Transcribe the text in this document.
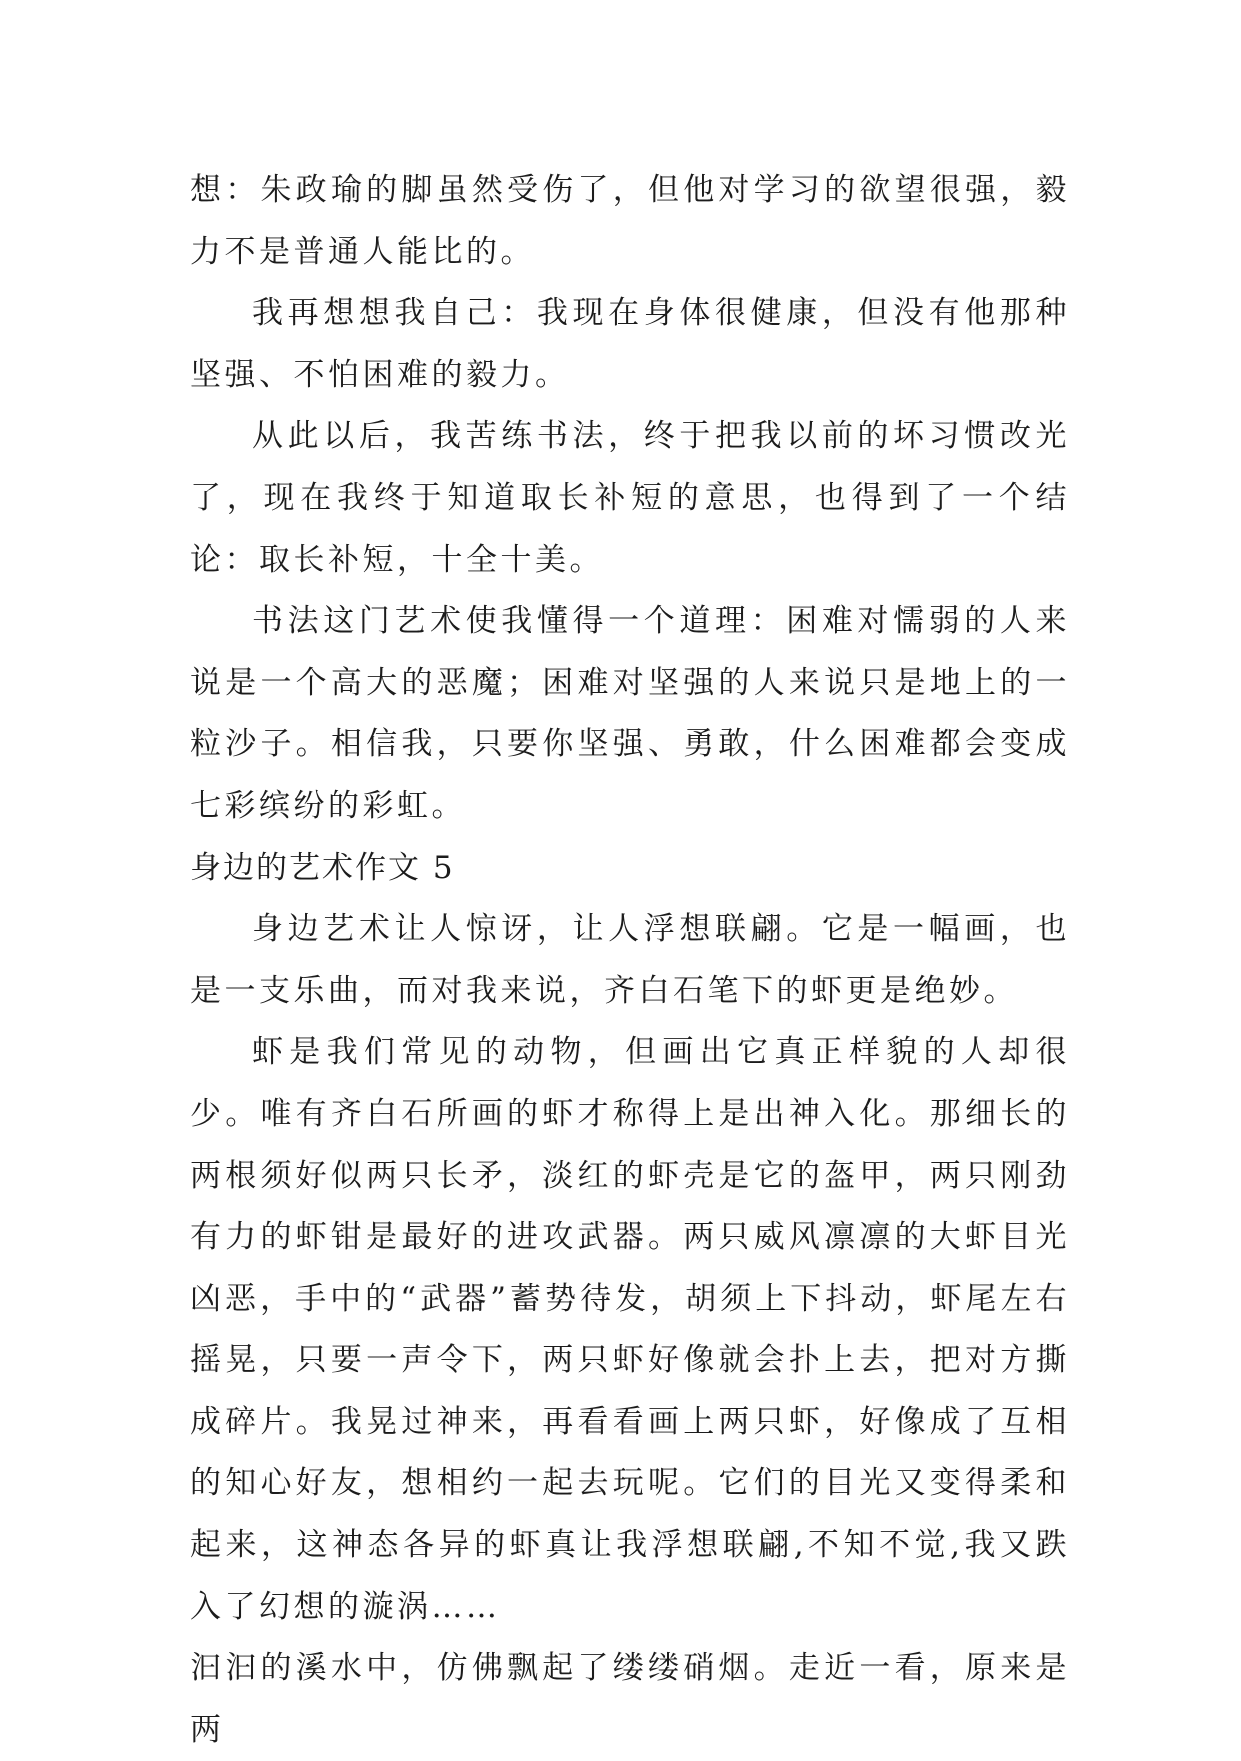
想：朱政瑜的脚虽然受伤了，但他对学习的欲望很强，毅力不是普通人能比的。

我再想想我自己：我现在身体很健康，但没有他那种坚强、不怕困难的毅力。

从此以后，我苦练书法，终于把我以前的坏习惯改光了，现在我终于知道取长补短的意思，也得到了一个结论：取长补短，十全十美。

书法这门艺术使我懂得一个道理：困难对懦弱的人来说是一个高大的恶魔；困难对坚强的人来说只是地上的一粒沙子。相信我，只要你坚强、勇敢，什么困难都会变成七彩缤纷的彩虹。

身边的艺术作文 5

身边艺术让人惊讶，让人浮想联翩。它是一幅画，也是一支乐曲，而对我来说，齐白石笔下的虾更是绝妙。

虾是我们常见的动物，但画出它真正样貌的人却很少。唯有齐白石所画的虾才称得上是出神入化。那细长的两根须好似两只长矛，淡红的虾壳是它的盔甲，两只刚劲有力的虾钳是最好的进攻武器。两只威风凛凛的大虾目光凶恶，手中的“武器”蓄势待发，胡须上下抖动，虾尾左右摇晃，只要一声令下，两只虾好像就会扑上去，把对方撕成碎片。我晃过神来，再看看画上两只虾，好像成了互相的知心好友，想相约一起去玩呢。它们的目光又变得柔和起来，这神态各异的虾真让我浮想联翩,不知不觉,我又跌入了幻想的漩涡……

汩汩的溪水中，仿佛飘起了缕缕硝烟。走近一看，原来是两
